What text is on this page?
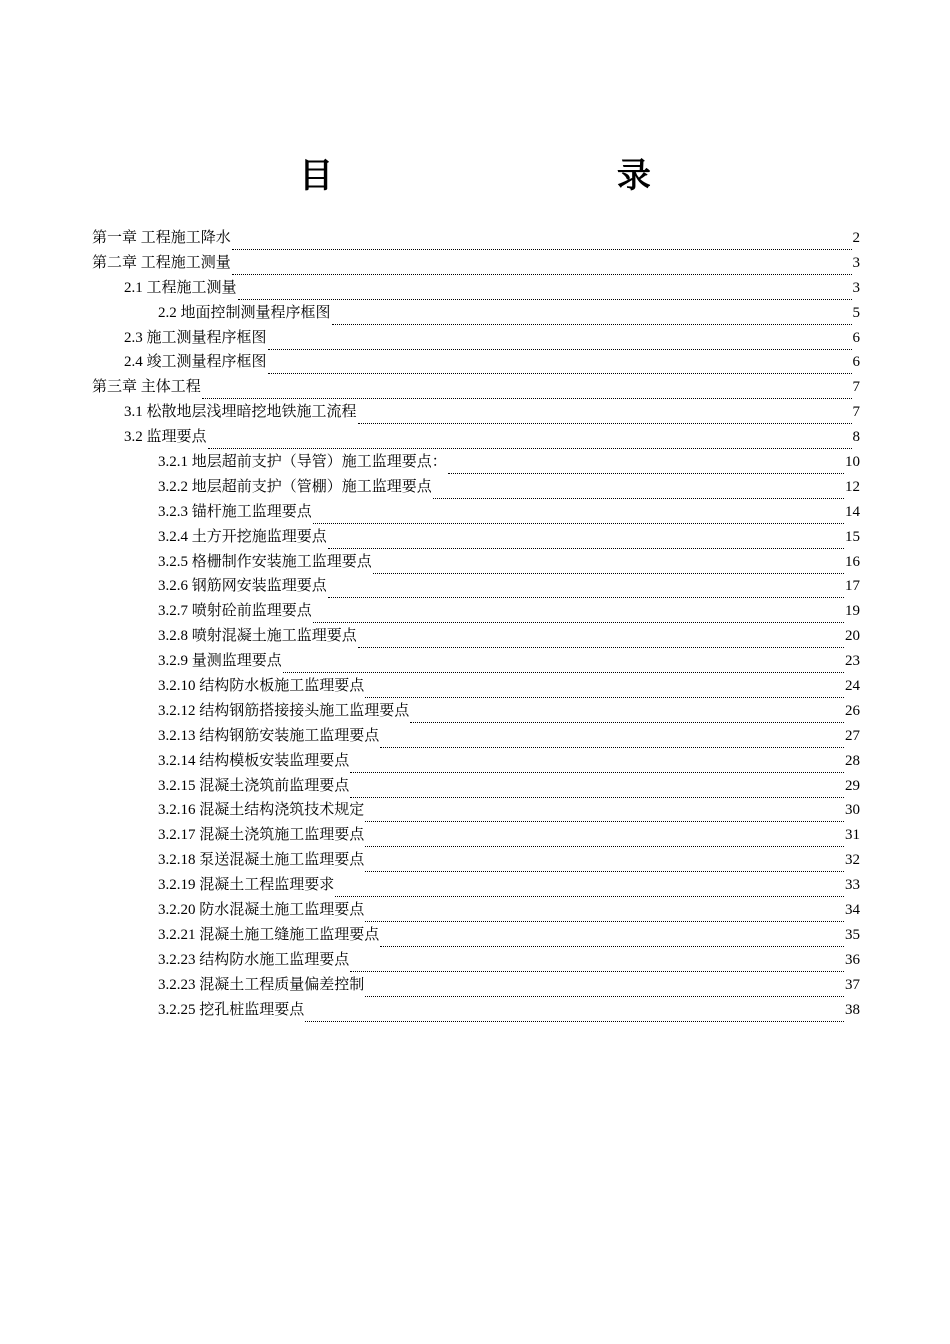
目 录
第一章 工程施工降水	2
第二章 工程施工测量	3
2.1 工程施工测量	3
2.2 地面控制测量程序框图	5
2.3 施工测量程序框图	6
2.4 竣工测量程序框图	6
第三章 主体工程	7
3.1 松散地层浅埋暗挖地铁施工流程	7
3.2 监理要点	8
3.2.1 地层超前支护（导管）施工监理要点：	10
3.2.2 地层超前支护（管棚）施工监理要点	12
3.2.3 锚杆施工监理要点	14
3.2.4 土方开挖施监理要点	15
3.2.5 格栅制作安装施工监理要点	16
3.2.6 钢筋网安装监理要点	17
3.2.7 喷射砼前监理要点	19
3.2.8 喷射混凝土施工监理要点	20
3.2.9 量测监理要点	23
3.2.10 结构防水板施工监理要点	24
3.2.12 结构钢筋搭接接头施工监理要点	26
3.2.13 结构钢筋安装施工监理要点	27
3.2.14 结构模板安装监理要点	28
3.2.15 混凝土浇筑前监理要点	29
3.2.16 混凝土结构浇筑技术规定	30
3.2.17 混凝土浇筑施工监理要点	31
3.2.18 泵送混凝土施工监理要点	32
3.2.19 混凝土工程监理要求	33
3.2.20 防水混凝土施工监理要点	34
3.2.21 混凝土施工缝施工监理要点	35
3.2.23 结构防水施工监理要点	36
3.2.23 混凝土工程质量偏差控制	37
3.2.25 挖孔桩监理要点	38
